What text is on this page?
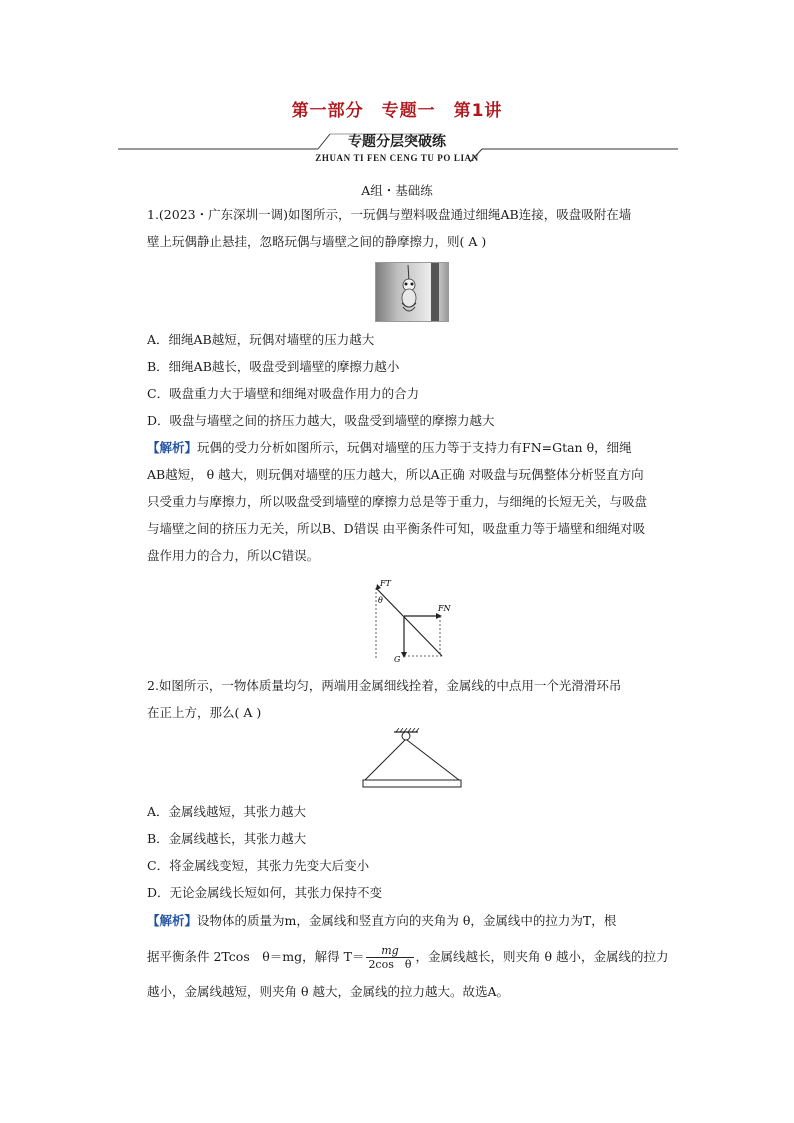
第一部分　专题一　第1讲
专题分层突破练
ZHUAN TI FEN CENG TU PO LIAN
A组・基础练
1.(2023・广东深圳一调)如图所示，一玩偶与塑料吸盘通过细绳AB连接，吸盘吸附在墙
壁上玩偶静止悬挂，忽略玩偶与墙壁之间的静摩擦力，则( A )
A．细绳AB越短，玩偶对墙壁的压力越大
B．细绳AB越长，吸盘受到墙壁的摩擦力越小
C．吸盘重力大于墙壁和细绳对吸盘作用力的合力
D．吸盘与墙壁之间的挤压力越大，吸盘受到墙壁的摩擦力越大
【解析】玩偶的受力分析如图所示，玩偶对墙壁的压力等于支持力有FN=Gtan θ，细绳
AB越短， θ 越大，则玩偶对墙壁的压力越大，所以A正确 对吸盘与玩偶整体分析竖直方向
只受重力与摩擦力，所以吸盘受到墙壁的摩擦力总是等于重力，与细绳的长短无关，与吸盘
与墙壁之间的挤压力无关，所以B、D错误 由平衡条件可知，吸盘重力等于墙壁和细绳对吸
盘作用力的合力，所以C错误。
FT
θ
FN
G
2.如图所示，一物体质量均匀，两端用金属细线拴着，金属线的中点用一个光滑滑环吊
在正上方，那么( A )
A．金属线越短，其张力越大
B．金属线越长，其张力越大
C．将金属线变短，其张力先变大后变小
D．无论金属线长短如何，其张力保持不变
【解析】设物体的质量为m，金属线和竖直方向的夹角为 θ，金属线中的拉力为T，根
据平衡条件 2Tcos　θ＝mg，解得 $T= \frac{mg}{\text{2cos　θ}}$ ，金属线越长，则夹角 θ 越小，金属线的拉力
越小，金属线越短，则夹角 θ 越大，金属线的拉力越大。故选A。
